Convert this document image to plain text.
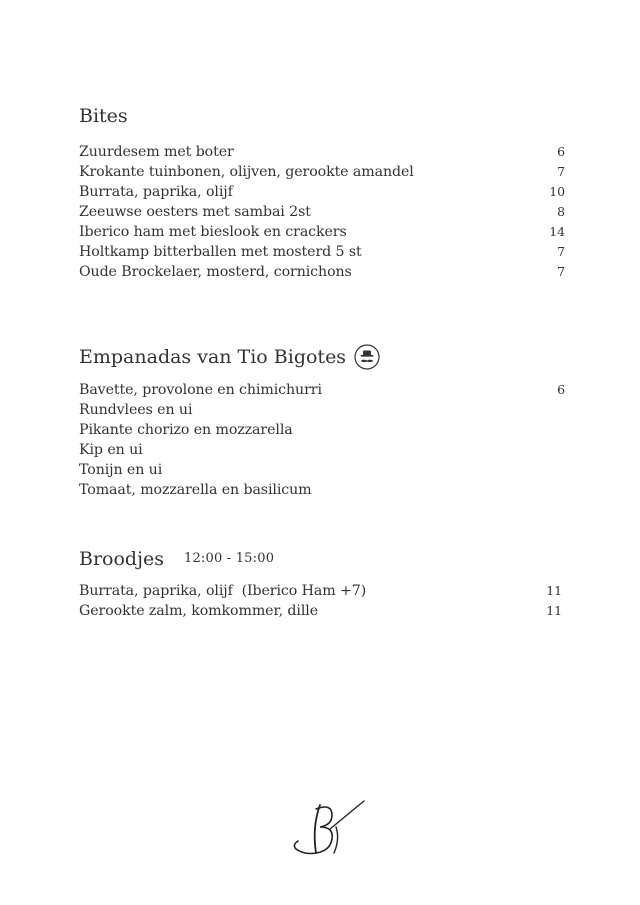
Bites
Zuurdesem met boter	6
Krokante tuinbonen, olijven, gerookte amandel	7
Burrata, paprika, olijf	10
Zeeuwse oesters met sambai 2st	8
Iberico ham met bieslook en crackers	14
Holtkamp bitterballen met mosterd 5 st	7
Oude Brockelaer, mosterd, cornichons	7
Empanadas van Tio Bigotes
Bavette, provolone en chimichurri	6
Rundvlees en ui
Pikante chorizo en mozzarella
Kip en ui
Tonijn en ui
Tomaat, mozzarella en basilicum
Broodjes 12:00 - 15:00
Burrata, paprika, olijf  (Iberico Ham +7)	11
Gerookte zalm, komkommer, dille	11
